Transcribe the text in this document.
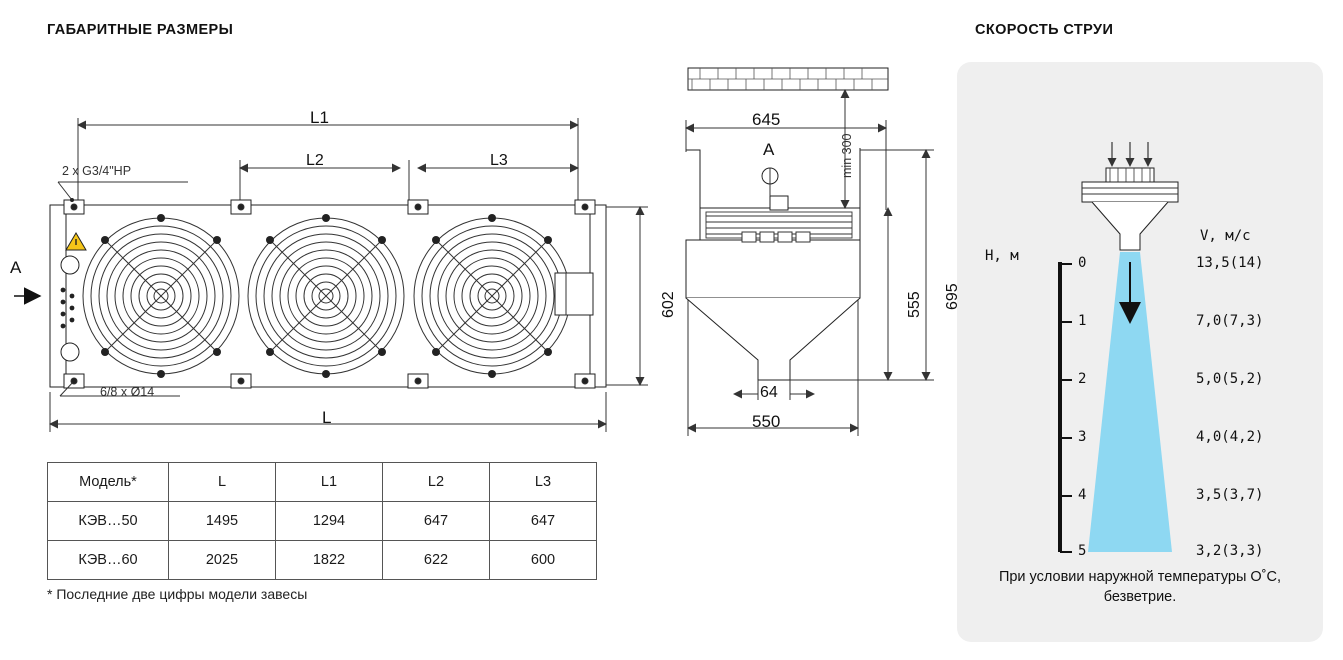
ГАБАРИТНЫЕ РАЗМЕРЫ	СКОРОСТЬ СТРУИ
L1
L2	L3
L
2 x G3/4"HP
6/8 x Ø14
A
602
645
min 300
555 695
64
550
A
H, м
V, м/с
0
1
2
3
4
5
13,5(14)
7,0(7,3)
5,0(5,2)
4,0(4,2)
3,5(3,7)
3,2(3,3)
При условии наружной температуры О˚С, безветрие.
Модель*	L	L1	L2	L3
КЭВ…50	1495	1294	647	647
КЭВ…60	2025	1822	622	600
* Последние две цифры модели завесы
